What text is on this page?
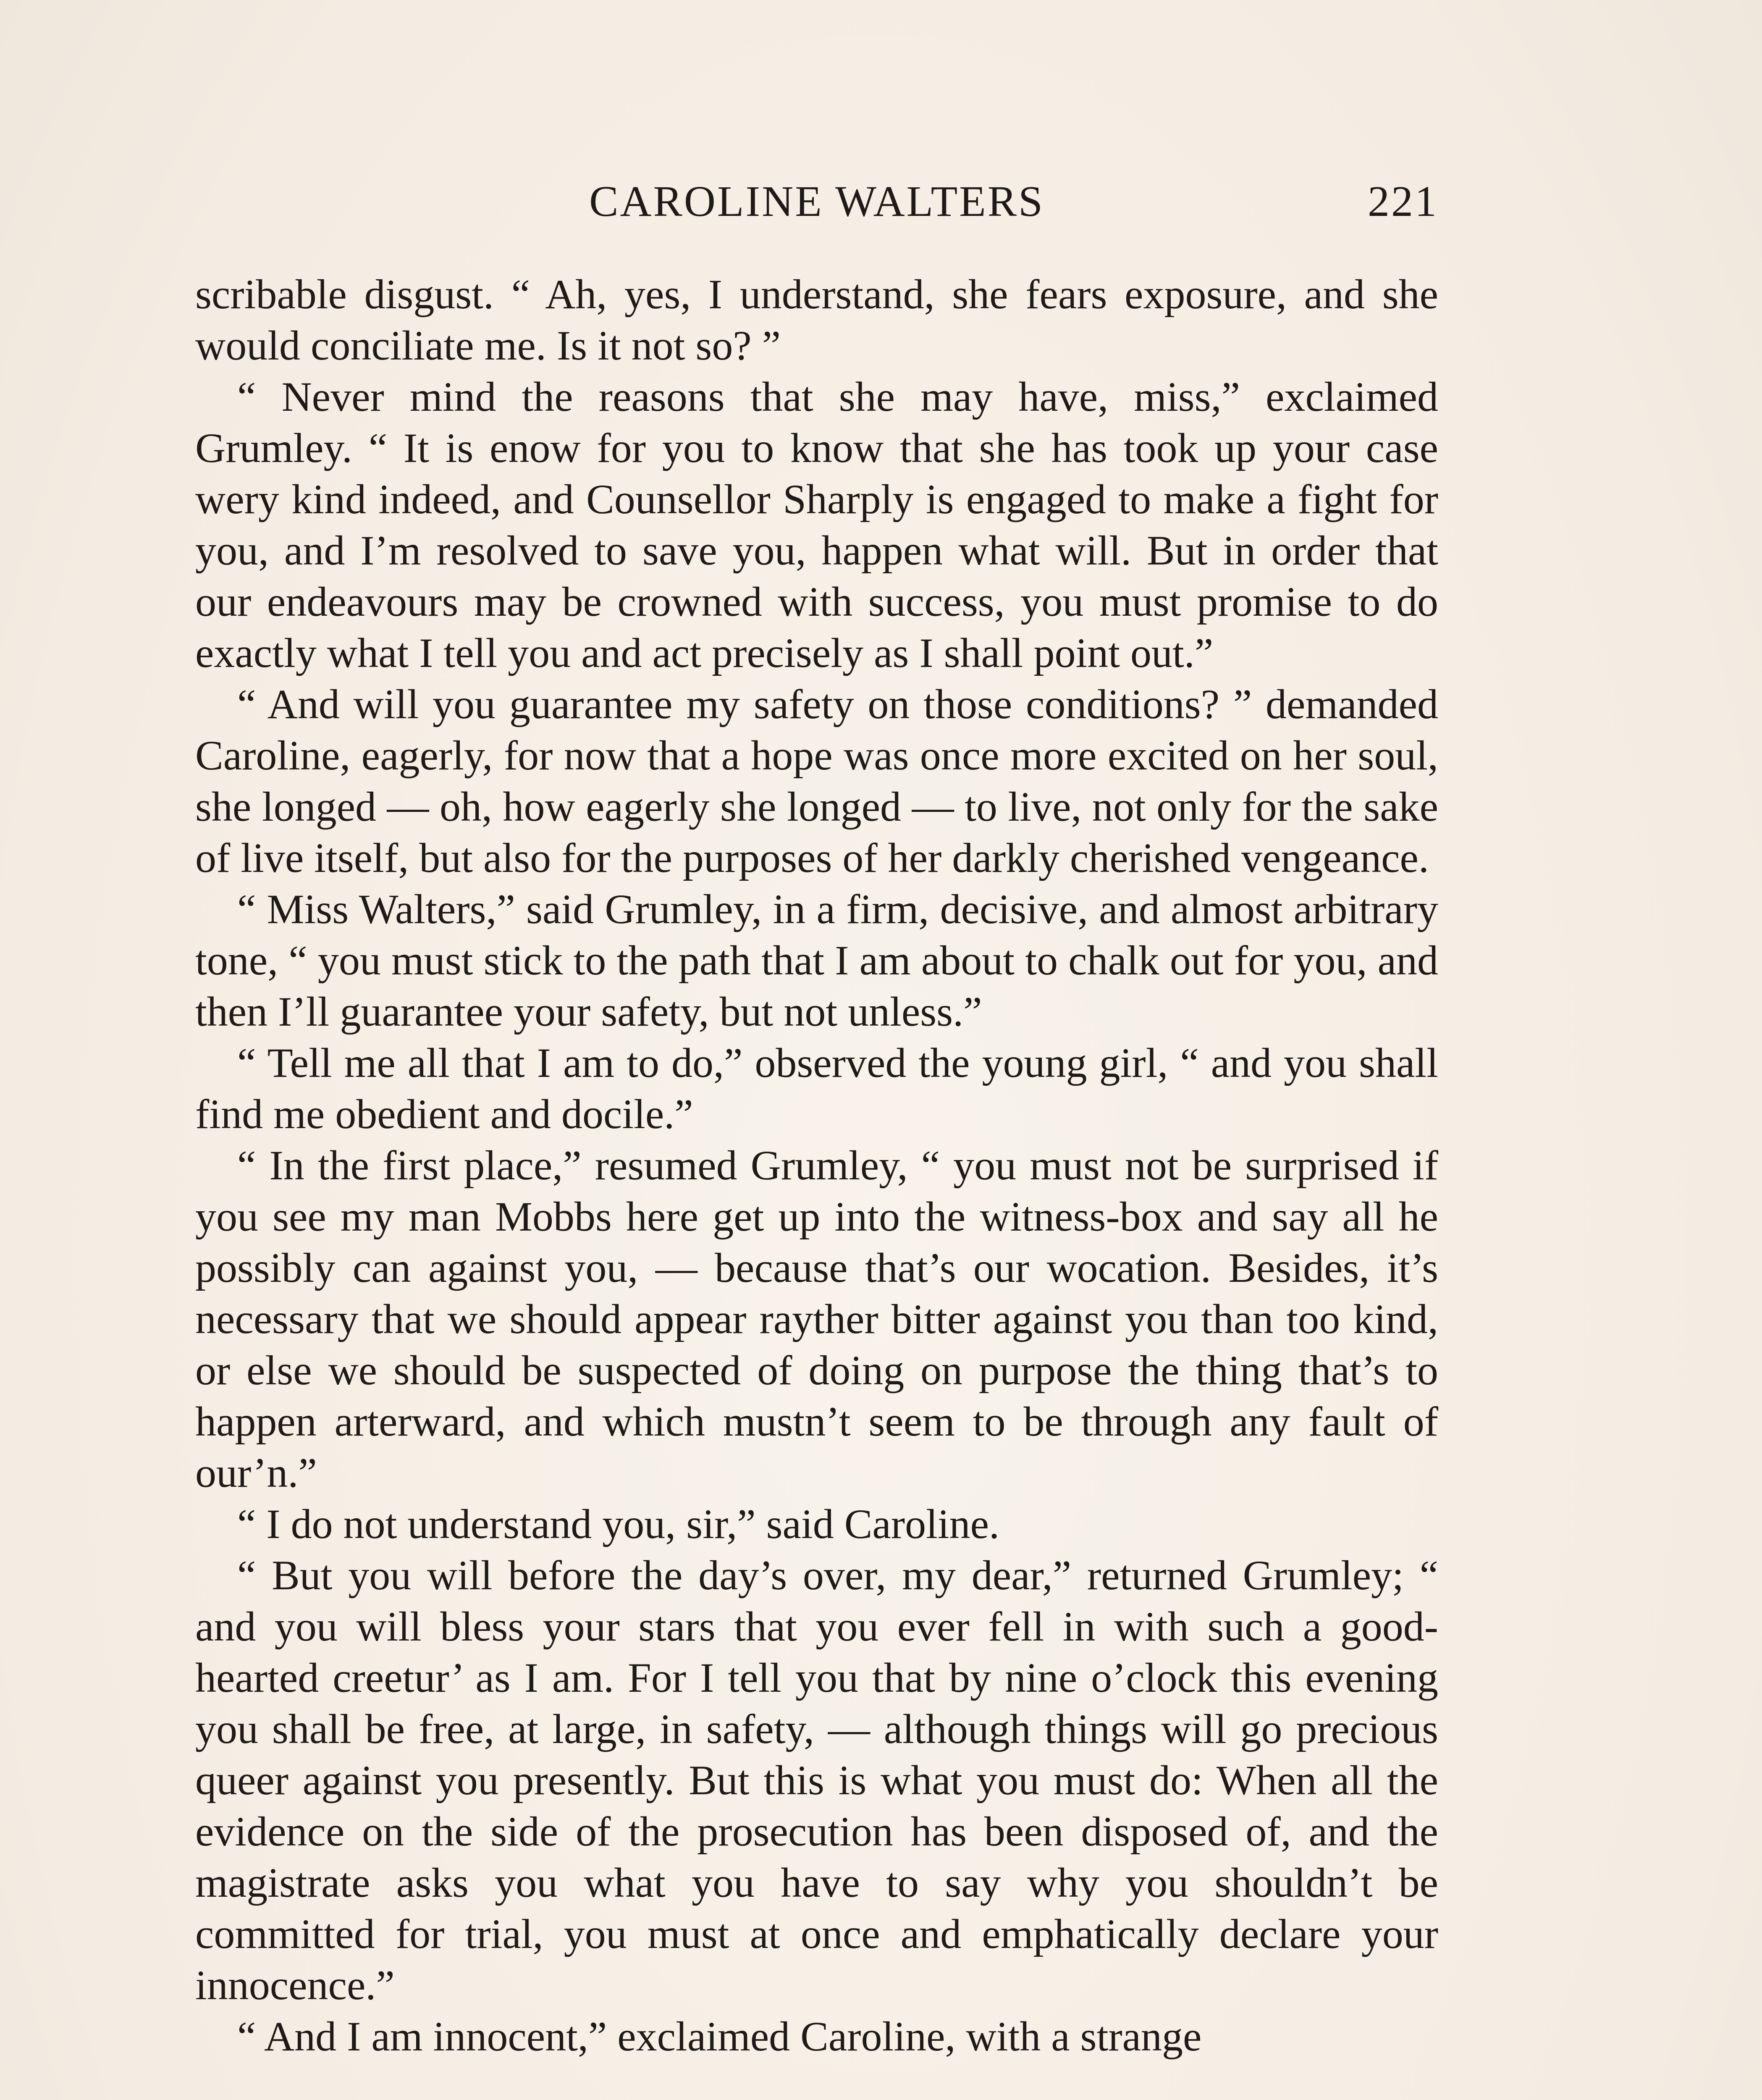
CAROLINE WALTERS	221

scribable disgust. “ Ah, yes, I understand, she fears exposure, and she would conciliate me. Is it not so? ”

“ Never mind the reasons that she may have, miss,” exclaimed Grumley. “ It is enow for you to know that she has took up your case wery kind indeed, and Counsellor Sharply is engaged to make a fight for you, and I’m resolved to save you, happen what will. But in order that our endeavours may be crowned with success, you must promise to do exactly what I tell you and act precisely as I shall point out.”

“ And will you guarantee my safety on those conditions? ” demanded Caroline, eagerly, for now that a hope was once more excited on her soul, she longed — oh, how eagerly she longed — to live, not only for the sake of live itself, but also for the purposes of her darkly cherished vengeance.

“ Miss Walters,” said Grumley, in a firm, decisive, and almost arbitrary tone, “ you must stick to the path that I am about to chalk out for you, and then I’ll guarantee your safety, but not unless.”

“ Tell me all that I am to do,” observed the young girl, “ and you shall find me obedient and docile.”

“ In the first place,” resumed Grumley, “ you must not be surprised if you see my man Mobbs here get up into the witness-box and say all he possibly can against you, — because that’s our wocation. Besides, it’s necessary that we should appear raythe​r bitter against you than too kind, or else we should be suspected of doing on purpose the thing that’s to happen arterward, and which mustn’t seem to be through any fault of our’n.”

“ I do not understand you, sir,” said Caroline.

“ But you will before the day’s over, my dear,” returned Grumley; “ and you will bless your stars that you ever fell in with such a good-hearted creetur’ as I am. For I tell you that by nine o’clock this evening you shall be free, at large, in safety, — although things will go precious queer against you presently. But this is what you must do: When all the evidence on the side of the prosecution has been disposed of, and the magistrate asks you what you have to say why you shouldn’t be committed for trial, you must at once and emphatically declare your innocence.”

“ And I am innocent,” exclaimed Caroline, with a strange
